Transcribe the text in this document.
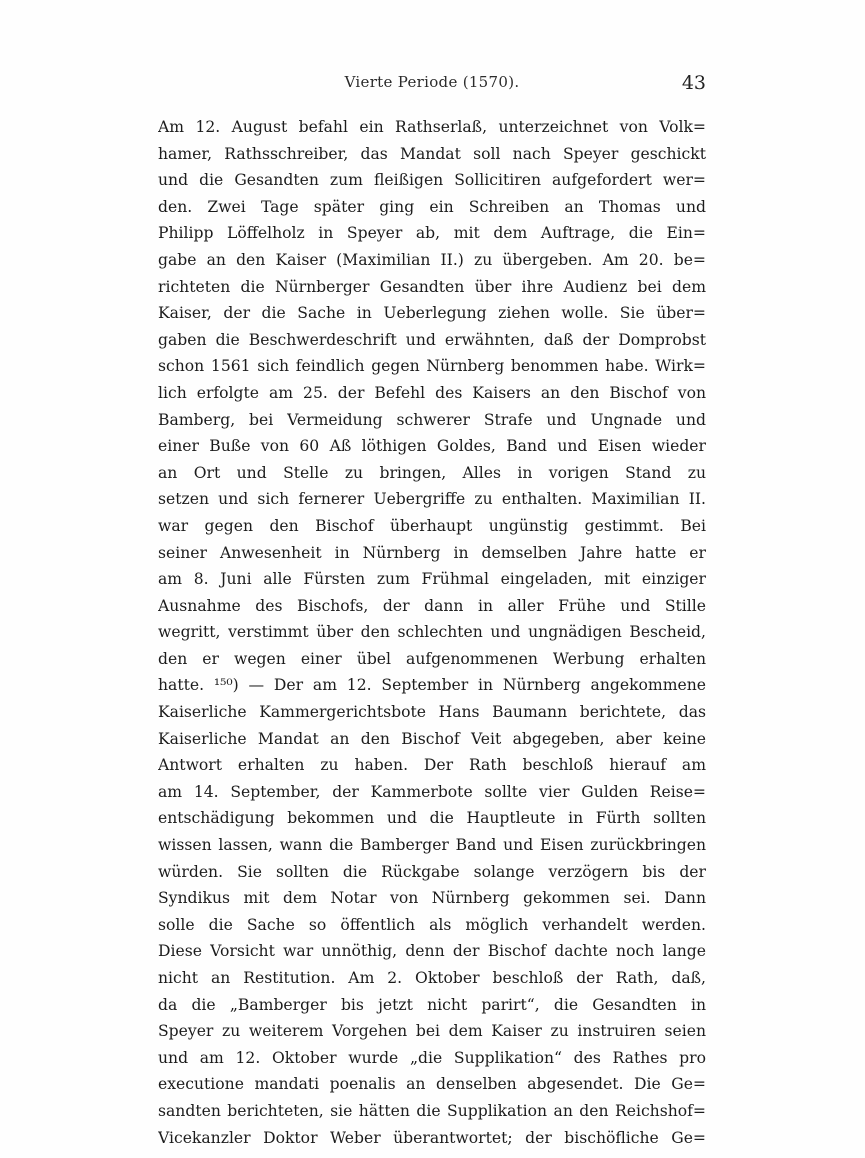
Vierte Periode (1570).	43
Am 12. August befahl ein Rathserlaß, unterzeichnet von Volk=
hamer, Rathsschreiber, das Mandat soll nach Speyer geschickt
und die Gesandten zum fleißigen Sollicitiren aufgefordert wer=
den. Zwei Tage später ging ein Schreiben an Thomas und
Philipp Löffelholz in Speyer ab, mit dem Auftrage, die Ein=
gabe an den Kaiser (Maximilian II.) zu übergeben. Am 20. be=
richteten die Nürnberger Gesandten über ihre Audienz bei dem
Kaiser, der die Sache in Ueberlegung ziehen wolle. Sie über=
gaben die Beschwerdeschrift und erwähnten, daß der Domprobst
schon 1561 sich feindlich gegen Nürnberg benommen habe. Wirk=
lich erfolgte am 25. der Befehl des Kaisers an den Bischof von
Bamberg, bei Vermeidung schwerer Strafe und Ungnade und
einer Buße von 60 Aß löthigen Goldes, Band und Eisen wieder
an Ort und Stelle zu bringen, Alles in vorigen Stand zu
setzen und sich fernerer Uebergriffe zu enthalten. Maximilian II.
war gegen den Bischof überhaupt ungünstig gestimmt. Bei
seiner Anwesenheit in Nürnberg in demselben Jahre hatte er
am 8. Juni alle Fürsten zum Frühmal eingeladen, mit einziger
Ausnahme des Bischofs, der dann in aller Frühe und Stille
wegritt, verstimmt über den schlechten und ungnädigen Bescheid,
den er wegen einer übel aufgenommenen Werbung erhalten
hatte. ¹⁵⁰) — Der am 12. September in Nürnberg angekommene
Kaiserliche Kammergerichtsbote Hans Baumann berichtete, das
Kaiserliche Mandat an den Bischof Veit abgegeben, aber keine
Antwort erhalten zu haben. Der Rath beschloß hierauf am
am 14. September, der Kammerbote sollte vier Gulden Reise=
entschädigung bekommen und die Hauptleute in Fürth sollten
wissen lassen, wann die Bamberger Band und Eisen zurückbringen
würden. Sie sollten die Rückgabe solange verzögern bis der
Syndikus mit dem Notar von Nürnberg gekommen sei. Dann
solle die Sache so öffentlich als möglich verhandelt werden.
Diese Vorsicht war unnöthig, denn der Bischof dachte noch lange
nicht an Restitution. Am 2. Oktober beschloß der Rath, daß,
da die „Bamberger bis jetzt nicht parirt“, die Gesandten in
Speyer zu weiterem Vorgehen bei dem Kaiser zu instruiren seien
und am 12. Oktober wurde „die Supplikation“ des Rathes pro
executione mandati poenalis an denselben abgesendet. Die Ge=
sandten berichteten, sie hätten die Supplikation an den Reichshof=
Vicekanzler Doktor Weber überantwortet; der bischöfliche Ge=
